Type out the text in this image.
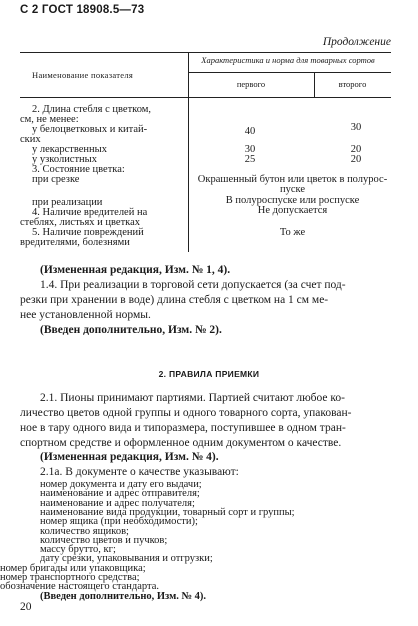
С 2 ГОСТ 18908.5—73
Продолжение
Наименование показателя
Характеристика и норма для товарных сортов
первого	второго
2. Длина стебля с цветком,
см, не менее:
у белоцветковых и китай-
ских
40	30
у лекарственных	30	20
у узколистных	25	20
3. Состояние цветка:
при срезке	Окрашенный бутон или цветок в полурос-
пуске
при реализации	В полуроспуске или роспуске
4. Наличие вредителей на
стеблях, листьях и цветках
Не допускается
5. Наличие повреждений
вредителями, болезнями
То же
(Измененная редакция, Изм. № 1, 4).
1.4. При реализации в торговой сети допускается (за счет под-
резки при хранении в воде) длина стебля с цветком на 1 см ме-
нее установленной нормы.
(Введен дополнительно, Изм. № 2).
2. ПРАВИЛА ПРИЕМКИ
2.1. Пионы принимают партиями. Партией считают любое ко-
личество цветов одной группы и одного товарного сорта, упакован-
ное в тару одного вида и типоразмера, поступившее в одном тран-
спортном средстве и оформленное одним документом о качестве.
(Измененная редакция, Изм. № 4).
2.1а. В документе о качестве указывают:
номер документа и дату его выдачи;
наименование и адрес отправителя;
наименование и адрес получателя;
наименование вида продукции, товарный сорт и группы;
номер ящика (при необходимости);
количество ящиков;
количество цветов и пучков;
массу брутто, кг;
дату срезки, упаковывания и отгрузки;
20
номер бригады или упаковщика;
номер транспортного средства;
обозначение настоящего стандарта.
(Введен дополнительно, Изм. № 4).
